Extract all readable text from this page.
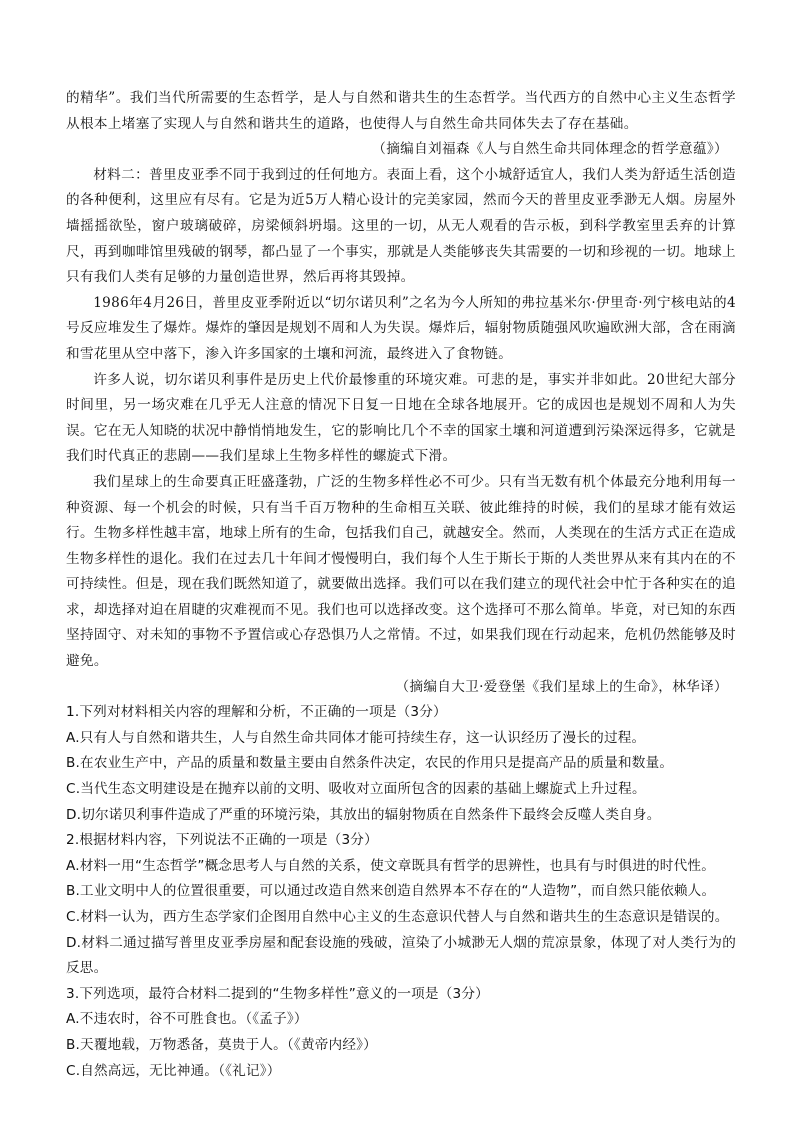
的精华”。我们当代所需要的生态哲学，是人与自然和谐共生的生态哲学。当代西方的自然中心主义生态哲学从根本上堵塞了实现人与自然和谐共生的道路，也使得人与自然生命共同体失去了存在基础。

（摘编自刘福森《人与自然生命共同体理念的哲学意蕴》）

材料二：普里皮亚季不同于我到过的任何地方。表面上看，这个小城舒适宜人，我们人类为舒适生活创造的各种便利，这里应有尽有。它是为近5万人精心设计的完美家园，然而今天的普里皮亚季渺无人烟。房屋外墙摇摇欲坠，窗户玻璃破碎，房梁倾斜坍塌。这里的一切，从无人观看的告示板，到科学教室里丢弃的计算尺，再到咖啡馆里残破的钢琴，都凸显了一个事实，那就是人类能够丧失其需要的一切和珍视的一切。地球上只有我们人类有足够的力量创造世界，然后再将其毁掉。

1986年4月26日，普里皮亚季附近以“切尔诺贝利”之名为今人所知的弗拉基米尔·伊里奇·列宁核电站的4号反应堆发生了爆炸。爆炸的肇因是规划不周和人为失误。爆炸后，辐射物质随强风吹遍欧洲大部，含在雨滴和雪花里从空中落下，渗入许多国家的土壤和河流，最终进入了食物链。

许多人说，切尔诺贝利事件是历史上代价最惨重的环境灾难。可悲的是，事实并非如此。20世纪大部分时间里，另一场灾难在几乎无人注意的情况下日复一日地在全球各地展开。它的成因也是规划不周和人为失误。它在无人知晓的状况中静悄悄地发生，它的影响比几个不幸的国家土壤和河道遭到污染深远得多，它就是我们时代真正的悲剧——我们星球上生物多样性的螺旋式下滑。

我们星球上的生命要真正旺盛蓬勃，广泛的生物多样性必不可少。只有当无数有机个体最充分地利用每一种资源、每一个机会的时候，只有当千百万物种的生命相互关联、彼此维持的时候，我们的星球才能有效运行。生物多样性越丰富，地球上所有的生命，包括我们自己，就越安全。然而，人类现在的生活方式正在造成生物多样性的退化。我们在过去几十年间才慢慢明白，我们每个人生于斯长于斯的人类世界从来有其内在的不可持续性。但是，现在我们既然知道了，就要做出选择。我们可以在我们建立的现代社会中忙于各种实在的追求，却选择对迫在眉睫的灾难视而不见。我们也可以选择改变。这个选择可不那么简单。毕竟，对已知的东西坚持固守、对未知的事物不予置信或心存恐惧乃人之常情。不过，如果我们现在行动起来，危机仍然能够及时避免。

（摘编自大卫·爱登堡《我们星球上的生命》，林华译）

1.下列对材料相关内容的理解和分析，不正确的一项是（3分）

A.只有人与自然和谐共生，人与自然生命共同体才能可持续生存，这一认识经历了漫长的过程。

B.在农业生产中，产品的质量和数量主要由自然条件决定，农民的作用只是提高产品的质量和数量。

C.当代生态文明建设是在抛弃以前的文明、吸收对立面所包含的因素的基础上螺旋式上升过程。

D.切尔诺贝利事件造成了严重的环境污染，其放出的辐射物质在自然条件下最终会反噬人类自身。

2.根据材料内容，下列说法不正确的一项是（3分）

A.材料一用“生态哲学”概念思考人与自然的关系，使文章既具有哲学的思辨性，也具有与时俱进的时代性。

B.工业文明中人的位置很重要，可以通过改造自然来创造自然界本不存在的“人造物”，而自然只能依赖人。

C.材料一认为，西方生态学家们企图用自然中心主义的生态意识代替人与自然和谐共生的生态意识是错误的。

D.材料二通过描写普里皮亚季房屋和配套设施的残破，渲染了小城渺无人烟的荒凉景象，体现了对人类行为的反思。

3.下列选项，最符合材料二提到的“生物多样性”意义的一项是（3分）

A.不违农时，谷不可胜食也。（《孟子》）

B.天覆地载，万物悉备，莫贵于人。（《黄帝内经》）

C.自然高远，无比神通。（《礼记》）
